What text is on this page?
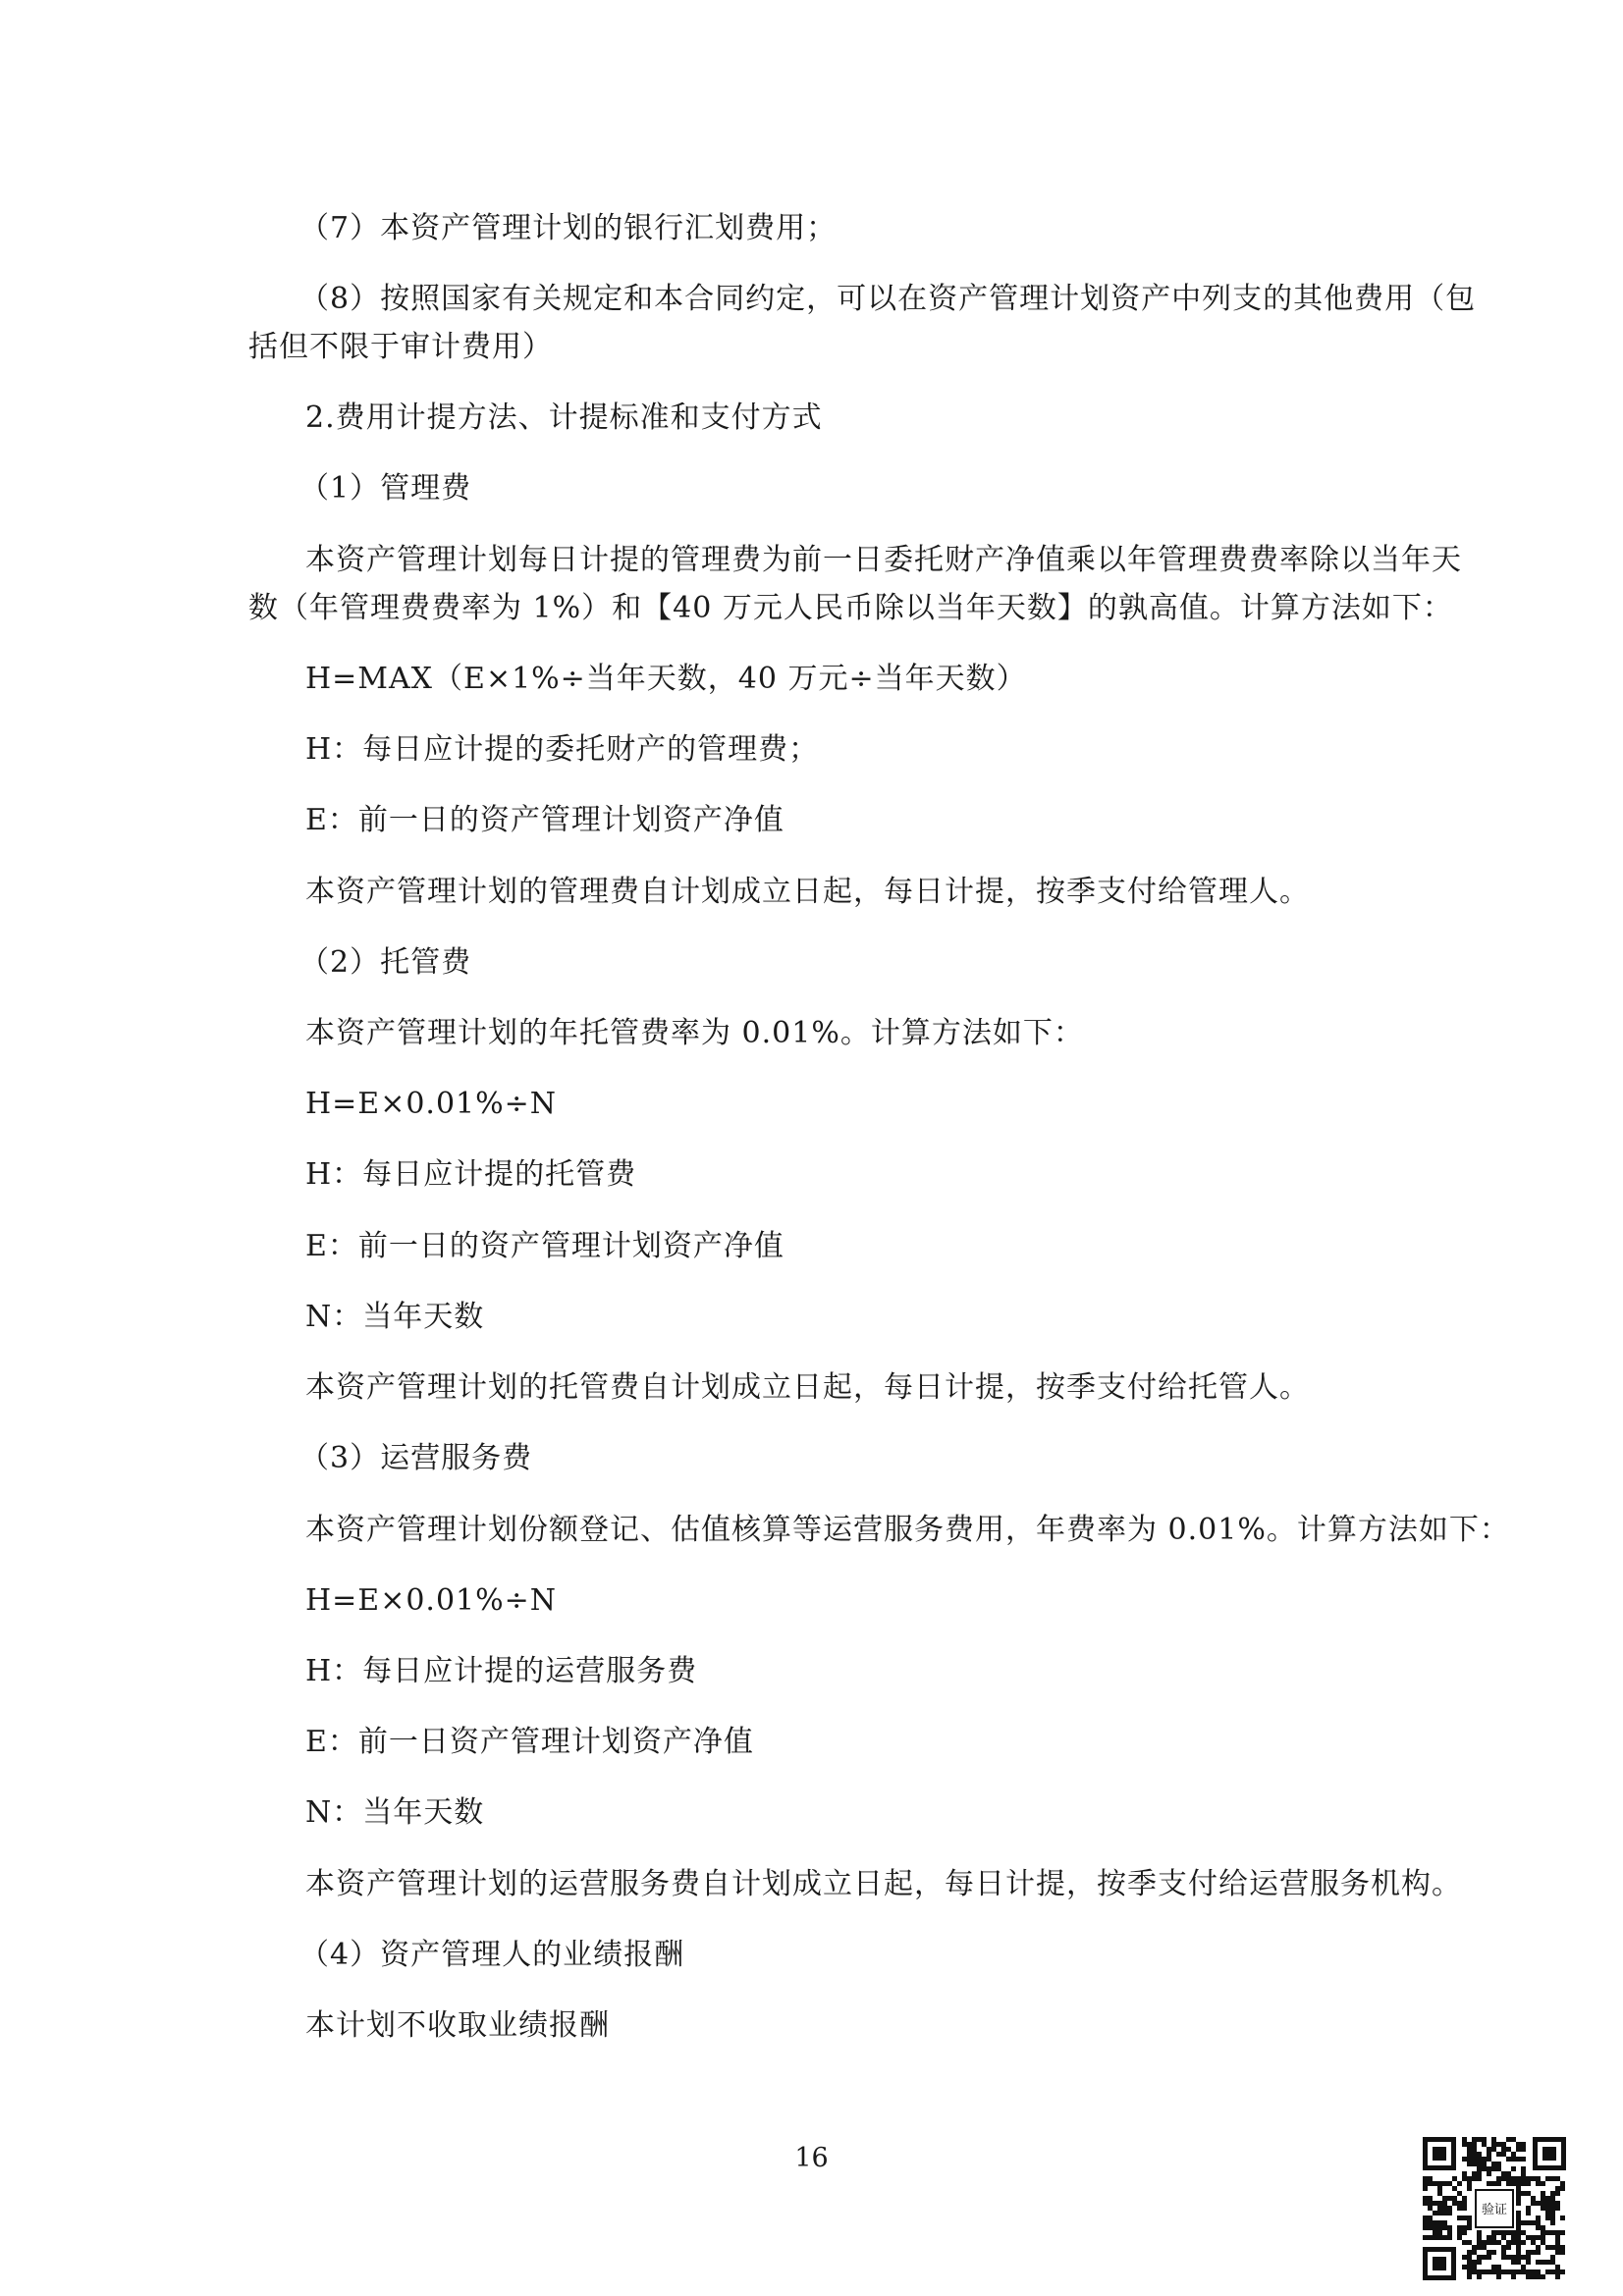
（7）本资产管理计划的银行汇划费用；
（8）按照国家有关规定和本合同约定，可以在资产管理计划资产中列支的其他费用（包
括但不限于审计费用）
2.费用计提方法、计提标准和支付方式
（1）管理费
本资产管理计划每日计提的管理费为前一日委托财产净值乘以年管理费费率除以当年天
数（年管理费费率为 1%）和【40 万元人民币除以当年天数】的孰高值。计算方法如下：
H=MAX（E×1%÷当年天数，40 万元÷当年天数）
H：每日应计提的委托财产的管理费；
E：前一日的资产管理计划资产净值
本资产管理计划的管理费自计划成立日起，每日计提，按季支付给管理人。
（2）托管费
本资产管理计划的年托管费率为 0.01%。计算方法如下：
H=E×0.01%÷N
H：每日应计提的托管费
E：前一日的资产管理计划资产净值
N：当年天数
本资产管理计划的托管费自计划成立日起，每日计提，按季支付给托管人。
（3）运营服务费
本资产管理计划份额登记、估值核算等运营服务费用，年费率为 0.01%。计算方法如下：
H=E×0.01%÷N
H：每日应计提的运营服务费
E：前一日资产管理计划资产净值
N：当年天数
本资产管理计划的运营服务费自计划成立日起，每日计提，按季支付给运营服务机构。
（4）资产管理人的业绩报酬
本计划不收取业绩报酬
16
验证
